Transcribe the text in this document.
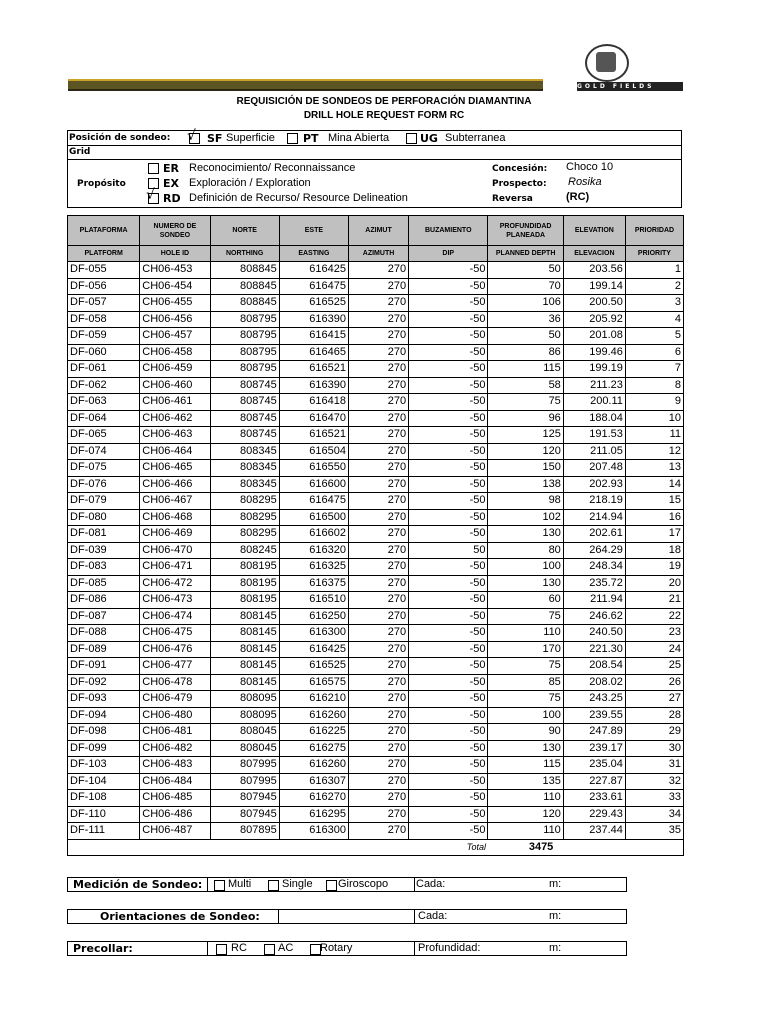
GOLD FIELDS
REQUISICIÓN DE SONDEOS DE PERFORACIÓN DIAMANTINA
DRILL HOLE REQUEST FORM RC
Posición de sondeo: √ SF Superficie	PT Mina Abierta	UG Subterranea
Grid
Propósito
ER Reconocimiento/ Reconnaissance
EX Exploración / Exploration
√ RD Definición de Recurso/ Resource Delineation
Concesión: Choco 10
Prospecto: Rosika
Reversa	(RC)
PLATAFORMA	NUMERO DE SONDEO	NORTE	ESTE	AZIMUT	BUZAMIENTO	PROFUNDIDAD PLANEADA	ELEVATION	PRIORIDAD
PLATFORM	HOLE ID	NORTHING	EASTING	AZIMUTH	DIP	PLANNED DEPTH	ELEVACION	PRIORITY
DF-055	CH06-453	808845	616425	270	-50	50	203.56	1
DF-056	CH06-454	808845	616475	270	-50	70	199.14	2
DF-057	CH06-455	808845	616525	270	-50	106	200.50	3
DF-058	CH06-456	808795	616390	270	-50	36	205.92	4
DF-059	CH06-457	808795	616415	270	-50	50	201.08	5
DF-060	CH06-458	808795	616465	270	-50	86	199.46	6
DF-061	CH06-459	808795	616521	270	-50	115	199.19	7
DF-062	CH06-460	808745	616390	270	-50	58	211.23	8
DF-063	CH06-461	808745	616418	270	-50	75	200.11	9
DF-064	CH06-462	808745	616470	270	-50	96	188.04	10
DF-065	CH06-463	808745	616521	270	-50	125	191.53	11
DF-074	CH06-464	808345	616504	270	-50	120	211.05	12
DF-075	CH06-465	808345	616550	270	-50	150	207.48	13
DF-076	CH06-466	808345	616600	270	-50	138	202.93	14
DF-079	CH06-467	808295	616475	270	-50	98	218.19	15
DF-080	CH06-468	808295	616500	270	-50	102	214.94	16
DF-081	CH06-469	808295	616602	270	-50	130	202.61	17
DF-039	CH06-470	808245	616320	270	50	80	264.29	18
DF-083	CH06-471	808195	616325	270	-50	100	248.34	19
DF-085	CH06-472	808195	616375	270	-50	130	235.72	20
DF-086	CH06-473	808195	616510	270	-50	60	211.94	21
DF-087	CH06-474	808145	616250	270	-50	75	246.62	22
DF-088	CH06-475	808145	616300	270	-50	110	240.50	23
DF-089	CH06-476	808145	616425	270	-50	170	221.30	24
DF-091	CH06-477	808145	616525	270	-50	75	208.54	25
DF-092	CH06-478	808145	616575	270	-50	85	208.02	26
DF-093	CH06-479	808095	616210	270	-50	75	243.25	27
DF-094	CH06-480	808095	616260	270	-50	100	239.55	28
DF-098	CH06-481	808045	616225	270	-50	90	247.89	29
DF-099	CH06-482	808045	616275	270	-50	130	239.17	30
DF-103	CH06-483	807995	616260	270	-50	115	235.04	31
DF-104	CH06-484	807995	616307	270	-50	135	227.87	32
DF-108	CH06-485	807945	616270	270	-50	110	233.61	33
DF-110	CH06-486	807945	616295	270	-50	120	229.43	34
DF-111	CH06-487	807895	616300	270	-50	110	237.44	35
					Total	3475		
Medición de Sondeo: Multi	Single Giroscopo	Cada:	m:
Orientaciones de Sondeo:	Cada:	m:
Precollar:	RC	AC Rotary	Profundidad:	m:
